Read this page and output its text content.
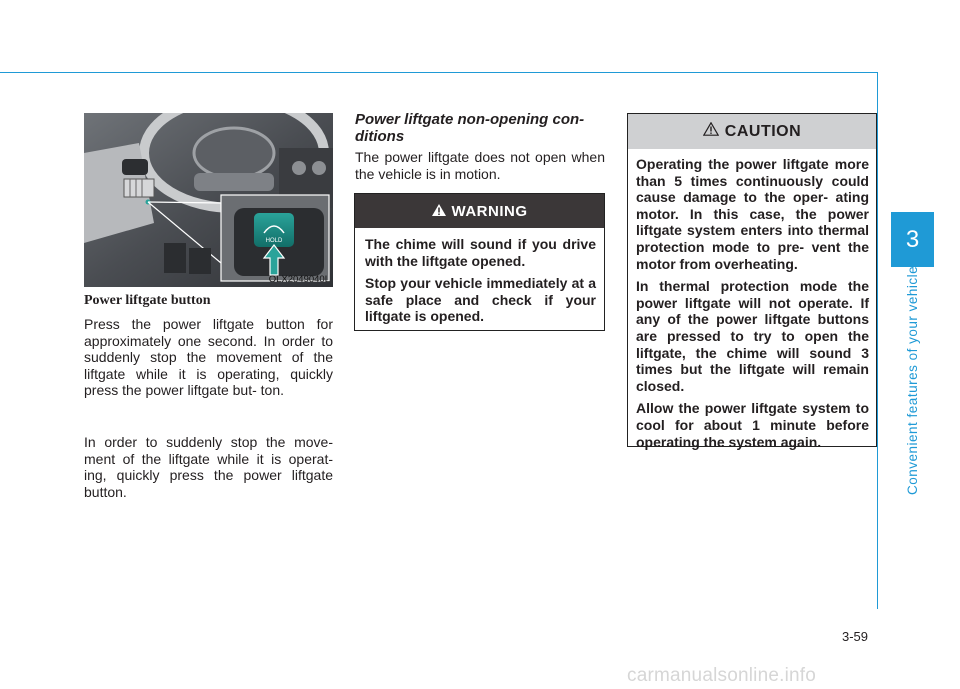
3
Convenient features of your vehicle
HOLD
OLX2049040L
Power liftgate button

Press the power liftgate button for approximately one second. In order to suddenly stop the movement of the liftgate while it is operating, quickly press the power liftgate but- ton.

In order to suddenly stop the move- ment of the liftgate while it is operat- ing, quickly press the power liftgate button.

Power liftgate non-opening con- ditions

The power liftgate does not open when the vehicle is in motion.

WARNING

The chime will sound if you drive with the liftgate opened.

Stop your vehicle immediately at a safe place and check if your liftgate is opened.

CAUTION

Operating the power liftgate more than 5 times continuously could cause damage to the oper- ating motor. In this case, the power liftgate system enters into thermal protection mode to pre- vent the motor from overheating.

In thermal protection mode the power liftgate will not operate. If any of the power liftgate buttons are pressed to try to open the liftgate, the chime will sound 3 times but the liftgate will remain closed.

Allow the power liftgate system to cool for about 1 minute before operating the system again.

3-59
carmanualsonline.info
